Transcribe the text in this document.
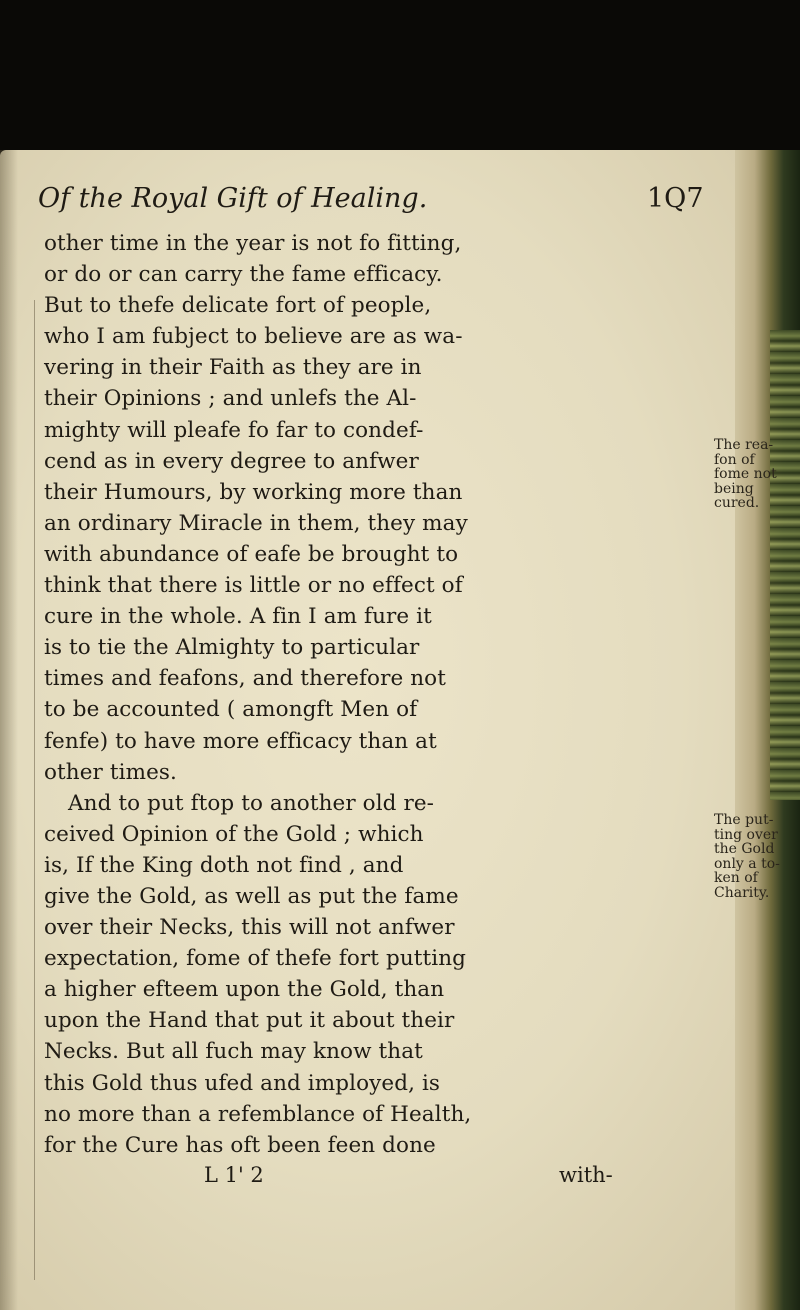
Of the Royal Gift of Healing.	1Q7
other time in the year is not fo fitting,
or do or can carry the fame efficacy.
But to thefe delicate fort of people,
who I am fubject to believe are as wa-
vering in their Faith as they are in
their Opinions ; and unlefs the Al-
mighty will pleafe fo far to condef-
cend as in every degree to anfwer
their Humours, by working more than
an ordinary Miracle in them, they may
with abundance of eafe be brought to
think that there is little or no effect of
cure in the whole. A fin I am fure it
is to tie the Almighty to particular
times and feafons, and therefore not
to be accounted ( amongft Men of
fenfe) to have more efficacy than at
other times.
And to put ftop to another old re-
ceived Opinion of the Gold ; which
is, If the King doth not find , and
give the Gold, as well as put the fame
over their Necks, this will not anfwer
expectation, fome of thefe fort putting
a higher efteem upon the Gold, than
upon the Hand that put it about their
Necks. But all fuch may know that
this Gold thus ufed and imployed, is
no more than a refemblance of Health,
for the Cure has oft been feen done
L 1' 2	with-
The rea-
fon of
fome not
being
cured.
The put-
ting over
the Gold
only a to-
ken of
Charity.
